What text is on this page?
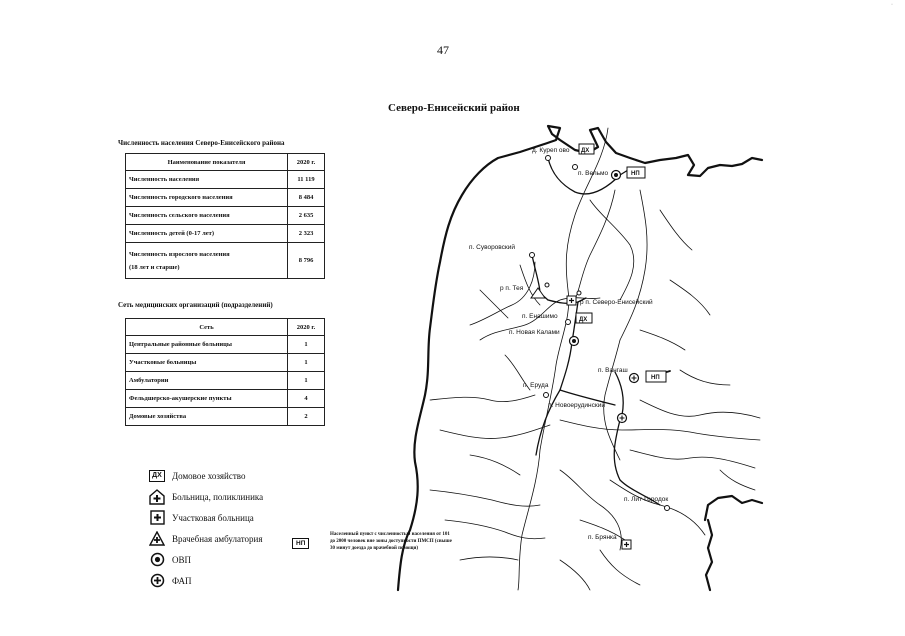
47
·
Северо-Енисейский район
Численность населения Северо-Енисейского района
Наименование показателя	2020 г.
Численность населения	11 119
Численность городского населения	8 484
Численность сельского населения	2 635
Численность детей (0-17 лет)	2 323

Численность взрослого населения
(18 лет и старше)	8 796
Сеть медицинских организаций (подразделений)
Сеть	2020 г.
Центральные районные больницы	1
Участковые больницы	1
Амбулатории	1
Фельдшерско-акушерские пункты	4
Домовые хозяйства	2
ДХ	Домовое хозяйство
Больница, поликлиника
Участковая больница
Врачебная амбулатория
ОВП
ФАП
НП
Населенный пункт с численностью населения от 101 до 2000 человек вне зоны доступности ПМСП (свыше 30 минут доезда до врачебной помощи)
д. Куреп ово ДХ
п. Вельмо	НП
п. Суворовский
р п. Тея
р п. Северо-Енисейский
п. Енашимо	ДХ
п. Новая Калами
п. Вангаш
НП
п. Еруда
п. Новоерудинский
п. Лит-Городок
п. Брянка
